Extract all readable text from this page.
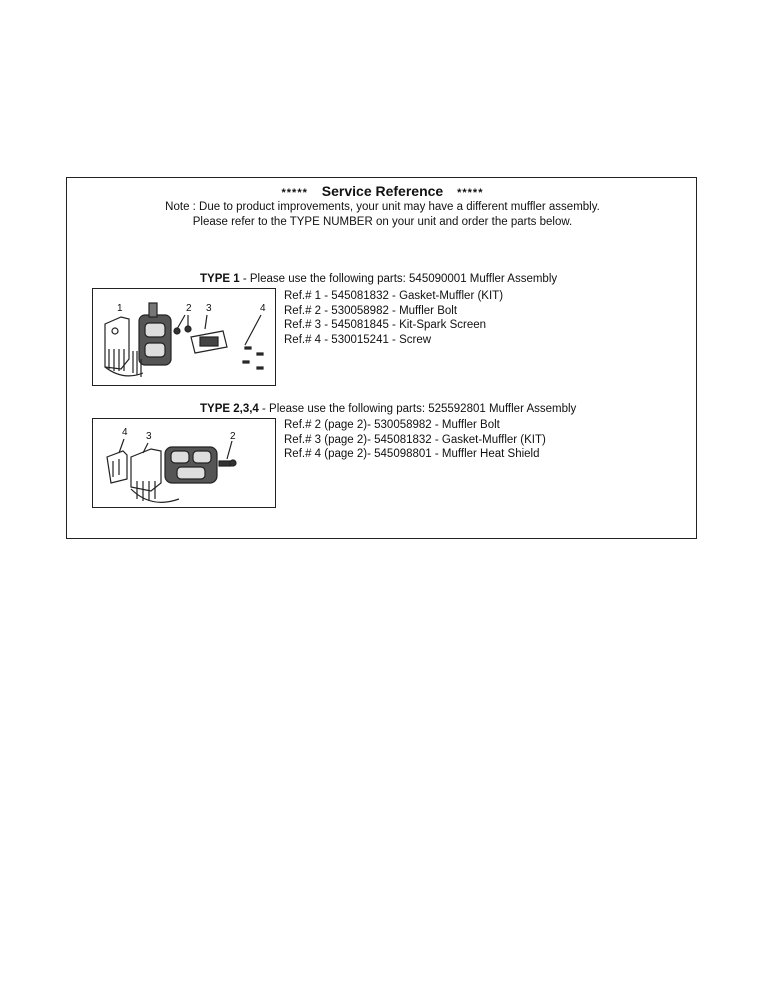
***** Service Reference *****
Note : Due to product improvements, your unit may have a different muffler assembly.
Please refer to the TYPE NUMBER on your unit and order the parts below.
TYPE 1 - Please use the following parts: 545090001 Muffler Assembly
1	2 3	4
Ref.# 1 - 545081832 - Gasket-Muffler (KIT)
Ref.# 2 - 530058982 - Muffler Bolt
Ref.# 3 - 545081845 - Kit-Spark Screen
Ref.# 4 - 530015241 - Screw
TYPE 2,3,4 - Please use the following parts: 525592801 Muffler Assembly
4 3	2
Ref.# 2 (page 2)- 530058982 - Muffler Bolt
Ref.# 3 (page 2)- 545081832 - Gasket-Muffler (KIT)
Ref.# 4 (page 2)- 545098801 - Muffler Heat Shield
